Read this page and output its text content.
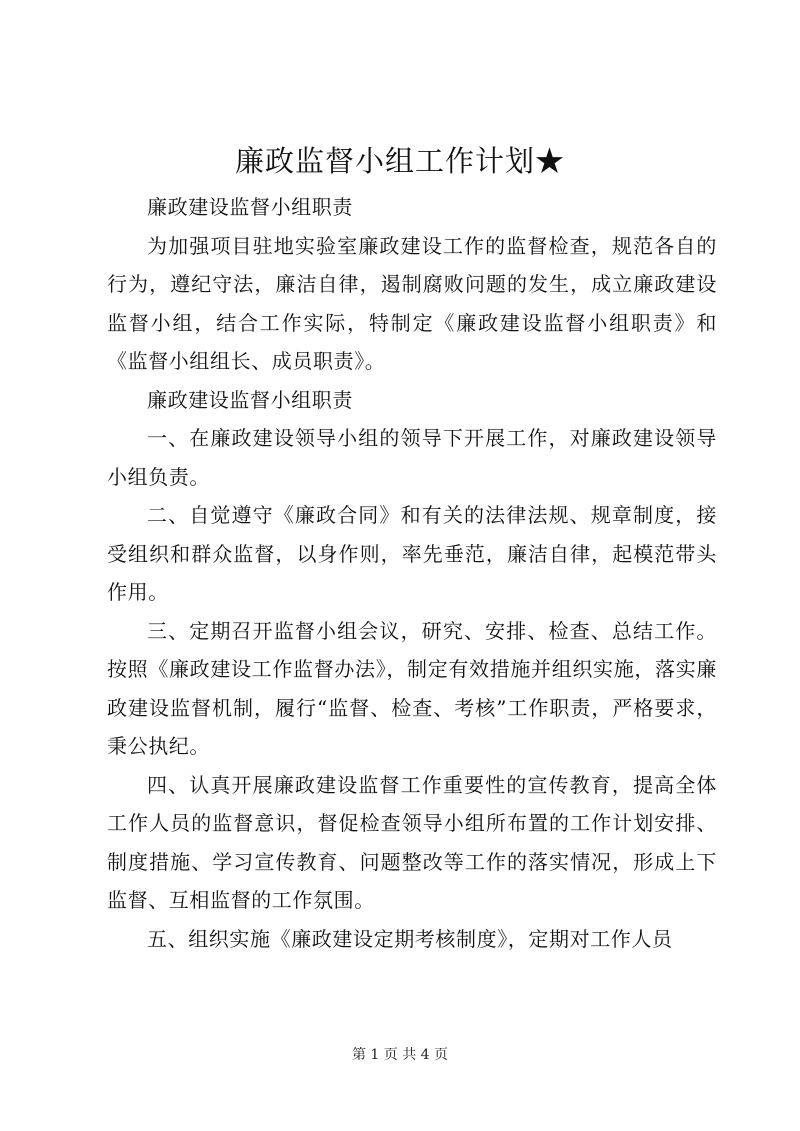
廉政监督小组工作计划★

廉政建设监督小组职责

为加强项目驻地实验室廉政建设工作的监督检查，规范各自的行为，遵纪守法，廉洁自律，遏制腐败问题的发生，成立廉政建设监督小组，结合工作实际，特制定《廉政建设监督小组职责》和《监督小组组长、成员职责》。

廉政建设监督小组职责

一、在廉政建设领导小组的领导下开展工作，对廉政建设领导小组负责。

二、自觉遵守《廉政合同》和有关的法律法规、规章制度，接受组织和群众监督，以身作则，率先垂范，廉洁自律，起模范带头作用。

三、定期召开监督小组会议，研究、安排、检查、总结工作。按照《廉政建设工作监督办法》，制定有效措施并组织实施，落实廉政建设监督机制，履行“监督、检查、考核”工作职责，严格要求，秉公执纪。

四、认真开展廉政建设监督工作重要性的宣传教育，提高全体工作人员的监督意识，督促检查领导小组所布置的工作计划安排、制度措施、学习宣传教育、问题整改等工作的落实情况，形成上下监督、互相监督的工作氛围。

五、组织实施《廉政建设定期考核制度》，定期对工作人员

第 1 页 共 4 页
